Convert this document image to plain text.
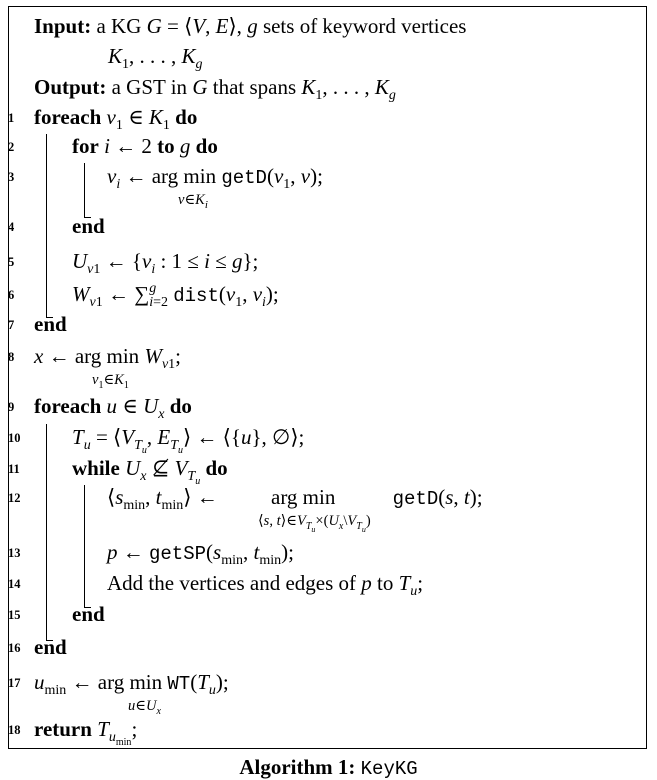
Input: a KG G = ⟨V, E⟩, g sets of keyword vertices
$K_1$, . . . , $K_g$
Output: a GST in G that spans $K_1$, . . . , $K_g$
1
2
3
4
5
6
7
8
9
10
11
12
13
14
15
16
17
18
foreach $v_1$ ∈ $K_1$ do
for i ← 2 to g do
$v_i$ ← arg $\min getD(v_1$, v);
$v\in K_i$
end
$U_{v1}$ ← {$v_i$ : 1 ≤ i ≤ g};
$W_{v1}$ ← ∑$^g_{i=2}$ $dist(v_1$, $v_i$);
end
x ← arg $\min W_{v1}$;
$v_1\in K_1$
foreach u ∈ $U_x$ do
$T_u$ = $⟨V_{T_u}$, $E_{T_u}⟩$ ← ⟨{u}, ∅⟩;
while $U_x$ ⊈ $V_{T_u}$ do
$⟨s_{min}$, $t_{min}⟩$ ← arg min	getD(s, t);
⟨s, $t⟩\in V_{T_u}\times(U_x\backslash V_{T_u})$
p ← $getSP(s_{min}$, $t_{min}$);
Add the vertices and edges of p to $T_u$;
end
end
$u_{min}$ ← arg $\min WT(T_u)$;
$u\in U_x$
return $T_{u_{min}}$;
Algorithm 1: KeyKG
